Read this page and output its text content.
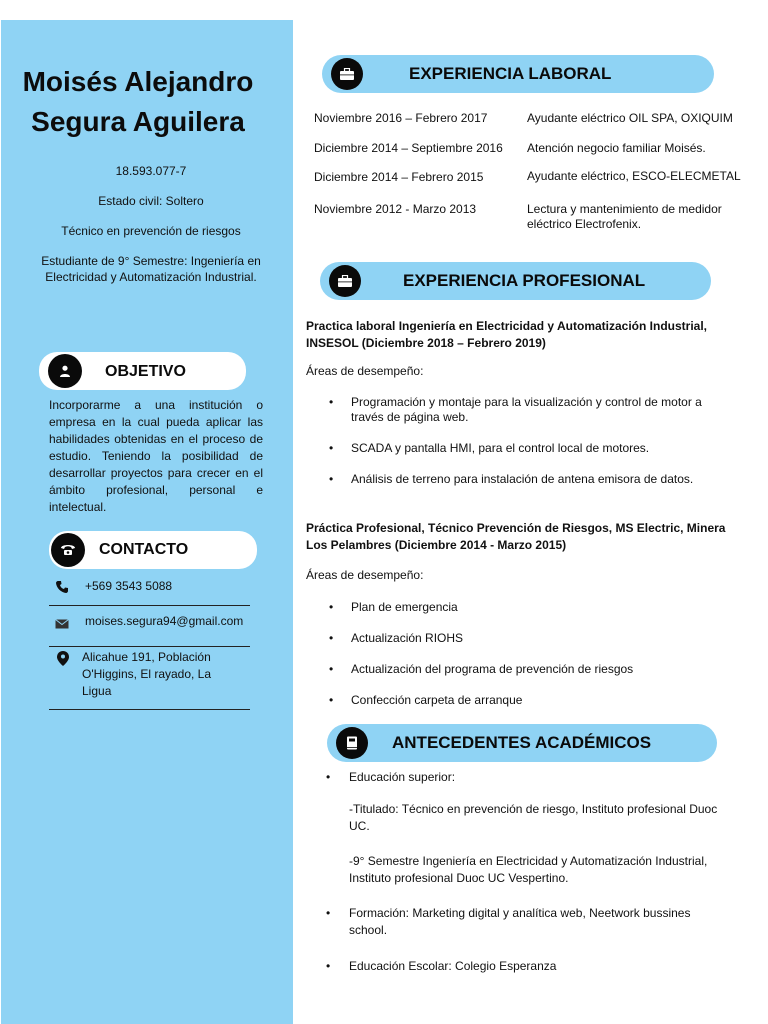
Moisés Alejandro
Segura Aguilera
18.593.077-7
Estado civil: Soltero
Técnico en prevención de riesgos
Estudiante de 9° Semestre: Ingeniería en Electricidad y Automatización Industrial.
OBJETIVO
Incorporarme a una institución o empresa en la cual pueda aplicar las habilidades obtenidas en el proceso de estudio. Teniendo la posibilidad de desarrollar proyectos para crecer en el ámbito profesional, personal e intelectual.
CONTACTO
+569 3543 5088
moises.segura94@gmail.com
Alicahue 191, Población O'Higgins, El rayado, La Ligua
EXPERIENCIA LABORAL
Noviembre 2016 – Febrero 2017	Ayudante eléctrico OIL SPA, OXIQUIM
Diciembre 2014 – Septiembre 2016 Atención negocio familiar Moisés.
Diciembre 2014 – Febrero 2015	Ayudante eléctrico, ESCO-ELECMETAL
Noviembre 2012 - Marzo 2013	Lectura y mantenimiento de medidor eléctrico Electrofenix.
EXPERIENCIA PROFESIONAL
Practica laboral Ingeniería en Electricidad y Automatización Industrial, INSESOL (Diciembre 2018 – Febrero 2019)
Áreas de desempeño:
• Programación y montaje para la visualización y control de motor a través de página web.
• SCADA y pantalla HMI, para el control local de motores.
• Análisis de terreno para instalación de antena emisora de datos.
Práctica Profesional, Técnico Prevención de Riesgos, MS Electric, Minera Los Pelambres (Diciembre 2014 - Marzo 2015)
Áreas de desempeño:
• Plan de emergencia
• Actualización RIOHS
• Actualización del programa de prevención de riesgos
• Confección carpeta de arranque
ANTECEDENTES ACADÉMICOS
• Educación superior:
-Titulado: Técnico en prevención de riesgo, Instituto profesional Duoc UC.
-9° Semestre Ingeniería en Electricidad y Automatización Industrial, Instituto profesional Duoc UC Vespertino.
• Formación: Marketing digital y analítica web, Neetwork bussines school.
• Educación Escolar: Colegio Esperanza
